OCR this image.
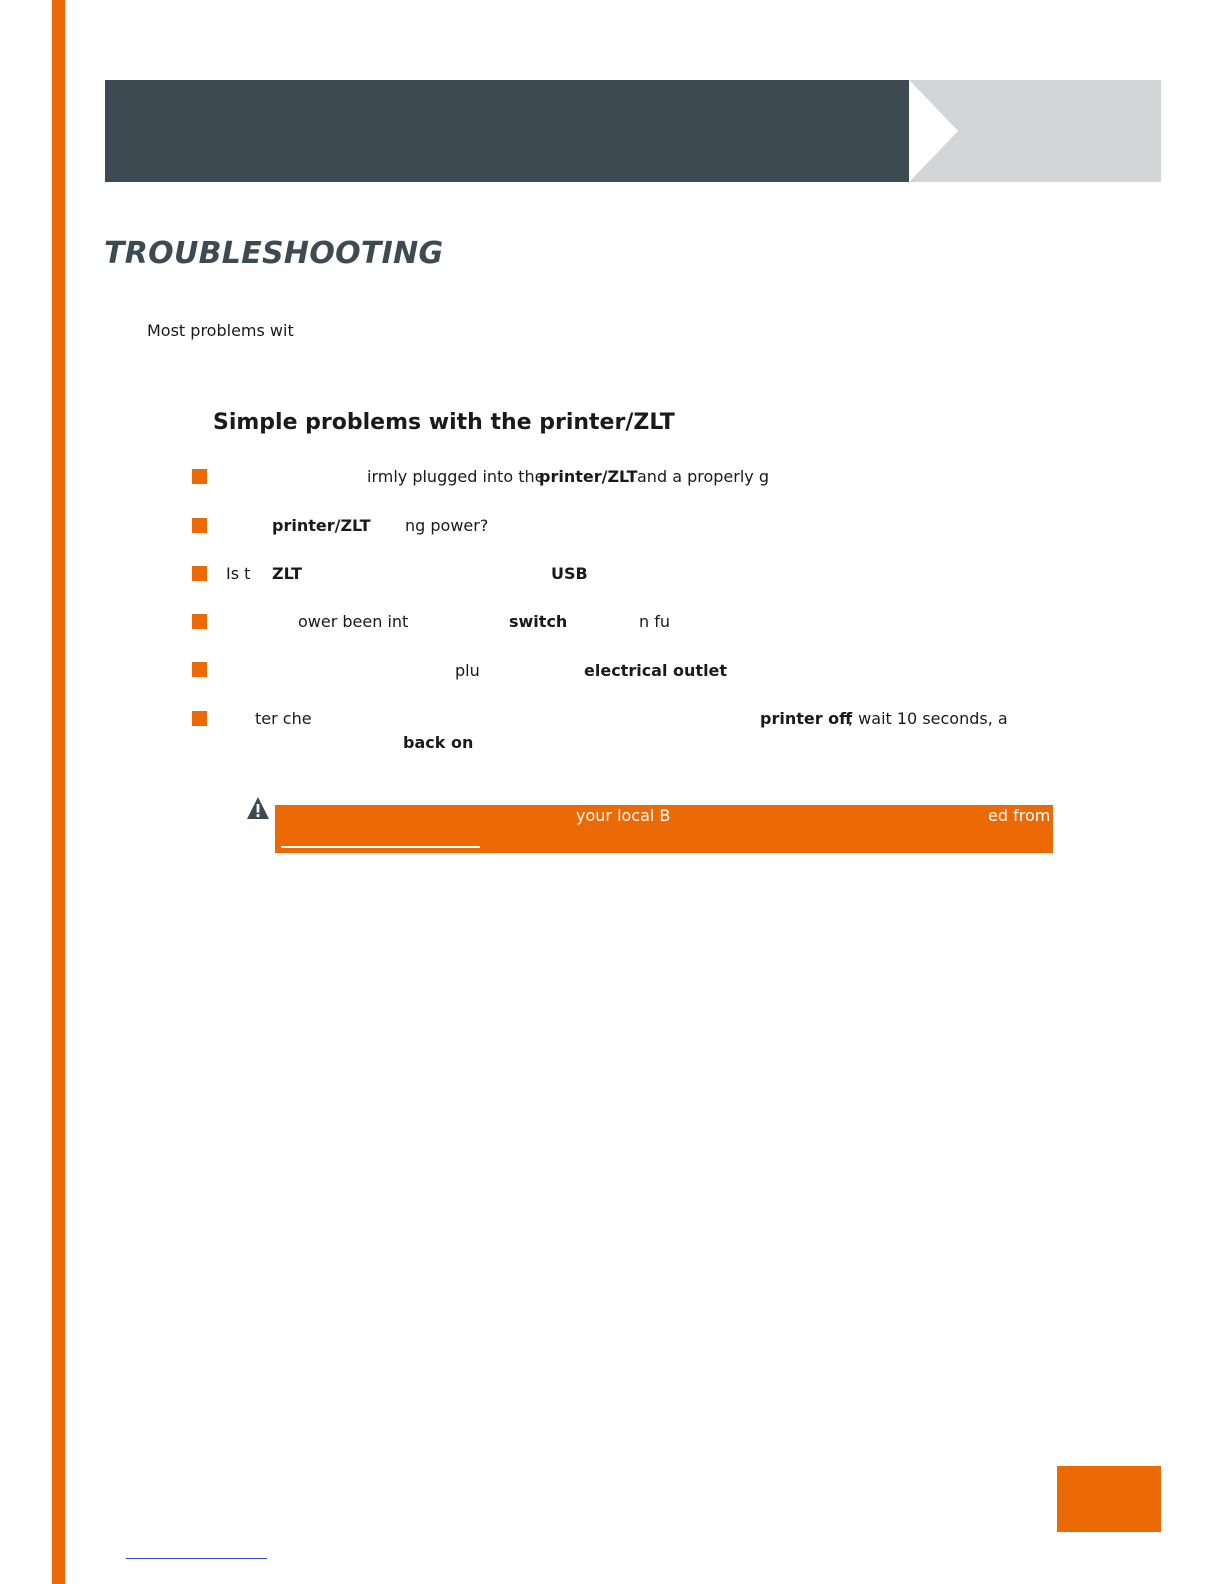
TROUBLESHOOTING
Most problems wit
Simple problems with the printer/ZLT
irmly plugged into the
printer/ZLT and a properly g
printer/ZLT ng power?
Is t ZLT	USB
ower been int	switch	n fu
plu	electrical outlet
ter che	printer off
, wait 10 seconds, a
back on
your local B	ed from
